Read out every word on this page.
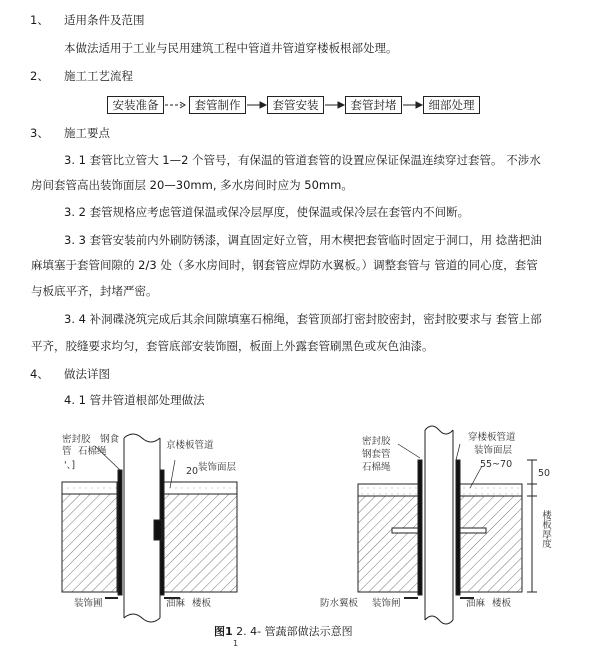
1、 适用条件及范围
本做法适用于工业与民用建筑工程中管道井管道穿楼板根部处理。
2、 施工工艺流程
安装准备	套管制作	套管安装	套管封堵	细部处理
3、 施工要点
3. 1 套管比立管大 1—2 个管号，有保温的管道套管的设置应保证保温连续穿过套管。 不涉水
房间套管高出装饰面层 20—30mm, 多水房间时应为 50mm。
3. 2 套管规格应考虑管道保温或保冷层厚度，使保温或保冷层在套管内不间断。
3. 3 套管安装前内外刷防锈漆，调直固定好立管，用木楔把套管临时固定于洞口，用 捻凿把油
麻填塞于套管间隙的 2/3 处（多水房间时，钢套管应焊防水翼板。）调整套管与 管道的同心度，套管
与板底平齐，封堵严密。
3. 4 补洞碟浇筑完成后其余间隙填塞石棉绳，套管顶部打密封胶密封，密封胶要求与 套管上部
平齐，胶缝要求均匀，套管底部安装饰圈，板面上外露套管刷黑色或灰色油漆。
4、 做法详图
4. 1 管井管道根部处理做法
密封胶 钢食
管 石棉绳
'、]
京楼板管道
20 装饰面层
装饰圃	油麻 楼板
密封胶
钢套管
石棉绳
穿楼板管道
装饰面层
55~70
50
楼板厚度
防水翼板 装饰闸	油麻 楼板
图1 2. 4- 管蔬部做法示意图
1
